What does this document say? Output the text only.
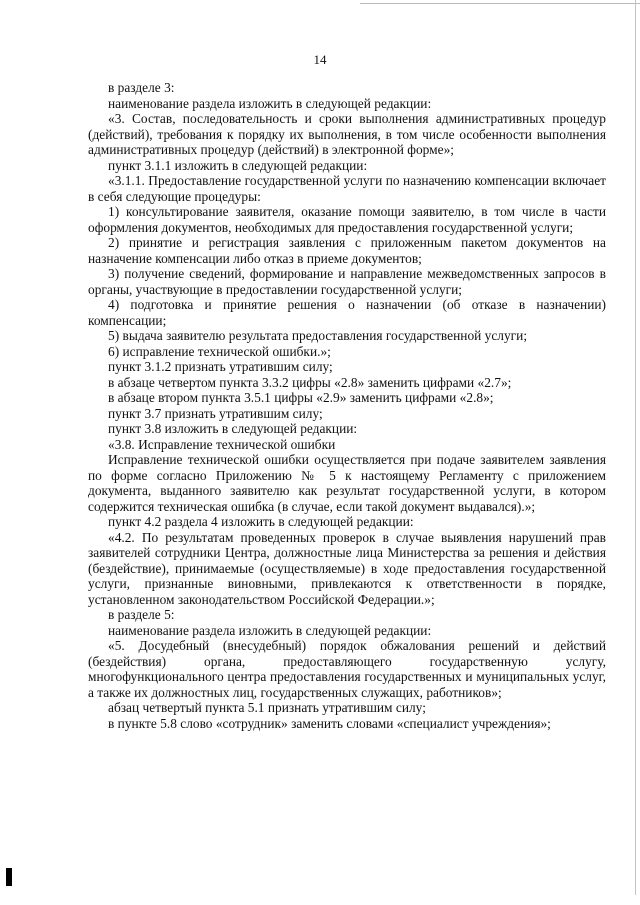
14

в разделе 3:

наименование раздела изложить в следующей редакции:

«3. Состав, последовательность и сроки выполнения административных процедур (действий), требования к порядку их выполнения, в том числе особенности выполнения административных процедур (действий) в электронной форме»;

пункт 3.1.1 изложить в следующей редакции:

«3.1.1. Предоставление государственной услуги по назначению компенсации включает в себя следующие процедуры:

1) консультирование заявителя, оказание помощи заявителю, в том числе в части оформления документов, необходимых для предоставления государственной услуги;

2) принятие и регистрация заявления с приложенным пакетом документов на назначение компенсации либо отказ в приеме документов;

3) получение сведений, формирование и направление межведомственных запросов в органы, участвующие в предоставлении государственной услуги;

4) подготовка и принятие решения о назначении (об отказе в назначении) компенсации;

5) выдача заявителю результата предоставления государственной услуги;

6) исправление технической ошибки.»;

пункт 3.1.2 признать утратившим силу;

в абзаце четвертом пункта 3.3.2 цифры «2.8» заменить цифрами «2.7»;

в абзаце втором пункта 3.5.1 цифры «2.9» заменить цифрами «2.8»;

пункт 3.7 признать утратившим силу;

пункт 3.8 изложить в следующей редакции:

«3.8. Исправление технической ошибки

Исправление технической ошибки осуществляется при подаче заявителем заявления по форме согласно Приложению № 5 к настоящему Регламенту с приложением документа, выданного заявителю как результат государственной услуги, в котором содержится техническая ошибка (в случае, если такой документ выдавался).»;

пункт 4.2 раздела 4 изложить в следующей редакции:

«4.2. По результатам проведенных проверок в случае выявления нарушений прав заявителей сотрудники Центра, должностные лица Министерства за решения и действия (бездействие), принимаемые (осуществляемые) в ходе предоставления государственной услуги, признанные виновными, привлекаются к ответственности в порядке, установленном законодательством Российской Федерации.»;

в разделе 5:

наименование раздела изложить в следующей редакции:

«5. Досудебный (внесудебный) порядок обжалования решений и действий (бездействия) органа, предоставляющего государственную услугу, многофункционального центра предоставления государственных и муниципальных услуг, а также их должностных лиц, государственных служащих, работников»;

абзац четвертый пункта 5.1 признать утратившим силу;

в пункте 5.8 слово «сотрудник» заменить словами «специалист учреждения»;
